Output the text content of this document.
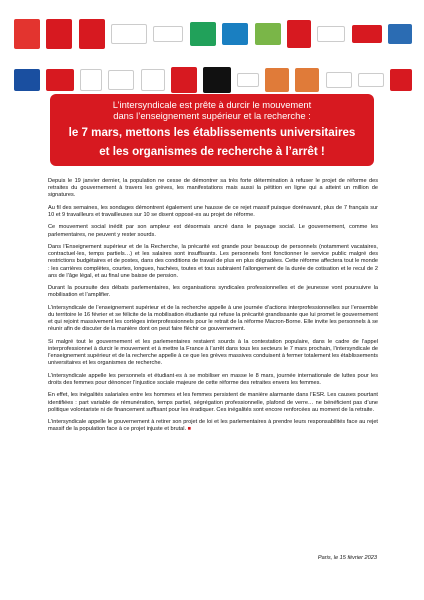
L’intersyndicale est prête à durcir le mouvement
dans l’enseignement supérieur et la recherche :
le 7 mars, mettons les établissements universitaires
et les organismes de recherche à l’arrêt !

Depuis le 19 janvier dernier, la population ne cesse de démontrer sa très forte détermination à refuser le projet de réforme des retraites du gouvernement à travers les grèves, les manifestations mais aussi la pétition en ligne qui a atteint un million de signatures.

Au fil des semaines, les sondages démontrent également une hausse de ce rejet massif puisque dorénavant, plus de 7 français sur 10 et 9 travailleurs et travailleuses sur 10 se disent opposé·es au projet de réforme.

Ce mouvement social inédit par son ampleur est désormais ancré dans le paysage social. Le gouvernement, comme les parlementaires, ne peuvent y rester sourds.

Dans l’Enseignement supérieur et de la Recherche, la précarité est grande pour beaucoup de personnels (notamment vacataires, contractuel·les, temps partiels…) et les salaires sont insuffisants. Les personnels font fonctionner le service public malgré des restrictions budgétaires et de postes, dans des conditions de travail de plus en plus dégradées. Cette réforme affectera tout le monde : les carrières complètes, courtes, longues, hachées, toutes et tous subiraient l’allongement de la durée de cotisation et le recul de 2 ans de l’âge légal, et au final une baisse de pension.

Durant la poursuite des débats parlementaires, les organisations syndicales professionnelles et de jeunesse vont poursuivre la mobilisation et l’amplifier.

L’intersyndicale de l’enseignement supérieur et de la recherche appelle à une journée d’actions interprofessionnelles sur l’ensemble du territoire le 16 février et se félicite de la mobilisation étudiante qui refuse la précarité grandissante que lui promet le gouvernement et qui rejoint massivement les cortèges interprofessionnels pour le retrait de la réforme Macron-Borne. Elle invite les personnels à se réunir afin de discuter de la manière dont on peut faire fléchir ce gouvernement.

Si malgré tout le gouvernement et les parlementaires restaient sourds à la contestation populaire, dans le cadre de l’appel interprofessionnel à durcir le mouvement et à mettre la France à l’arrêt dans tous les secteurs le 7 mars prochain, l’intersyndicale de l’enseignement supérieur et de la recherche appelle à ce que les grèves massives conduisent à fermer totalement les établissements universitaires et les organismes de recherche.

L’intersyndicale appelle les personnels et étudiant·es à se mobiliser en masse le 8 mars, journée internationale de luttes pour les droits des femmes pour dénoncer l’injustice sociale majeure de cette réforme des retraites envers les femmes.

En effet, les inégalités salariales entre les hommes et les femmes persistent de manière alarmante dans l’ESR. Les causes pourtant identifiées : part variable de rémunération, temps partiel, ségrégation professionnelle, plafond de verre… ne bénéficient pas d’une politique volontariste ni de financement suffisant pour les éradiquer. Ces inégalités sont encore renforcées au moment de la retraite.

L’intersyndicale appelle le gouvernement à retirer son projet de loi et les parlementaires à prendre leurs responsabilités face au rejet massif de la population face à ce projet injuste et brutal. ■

Paris, le 15 février 2023
